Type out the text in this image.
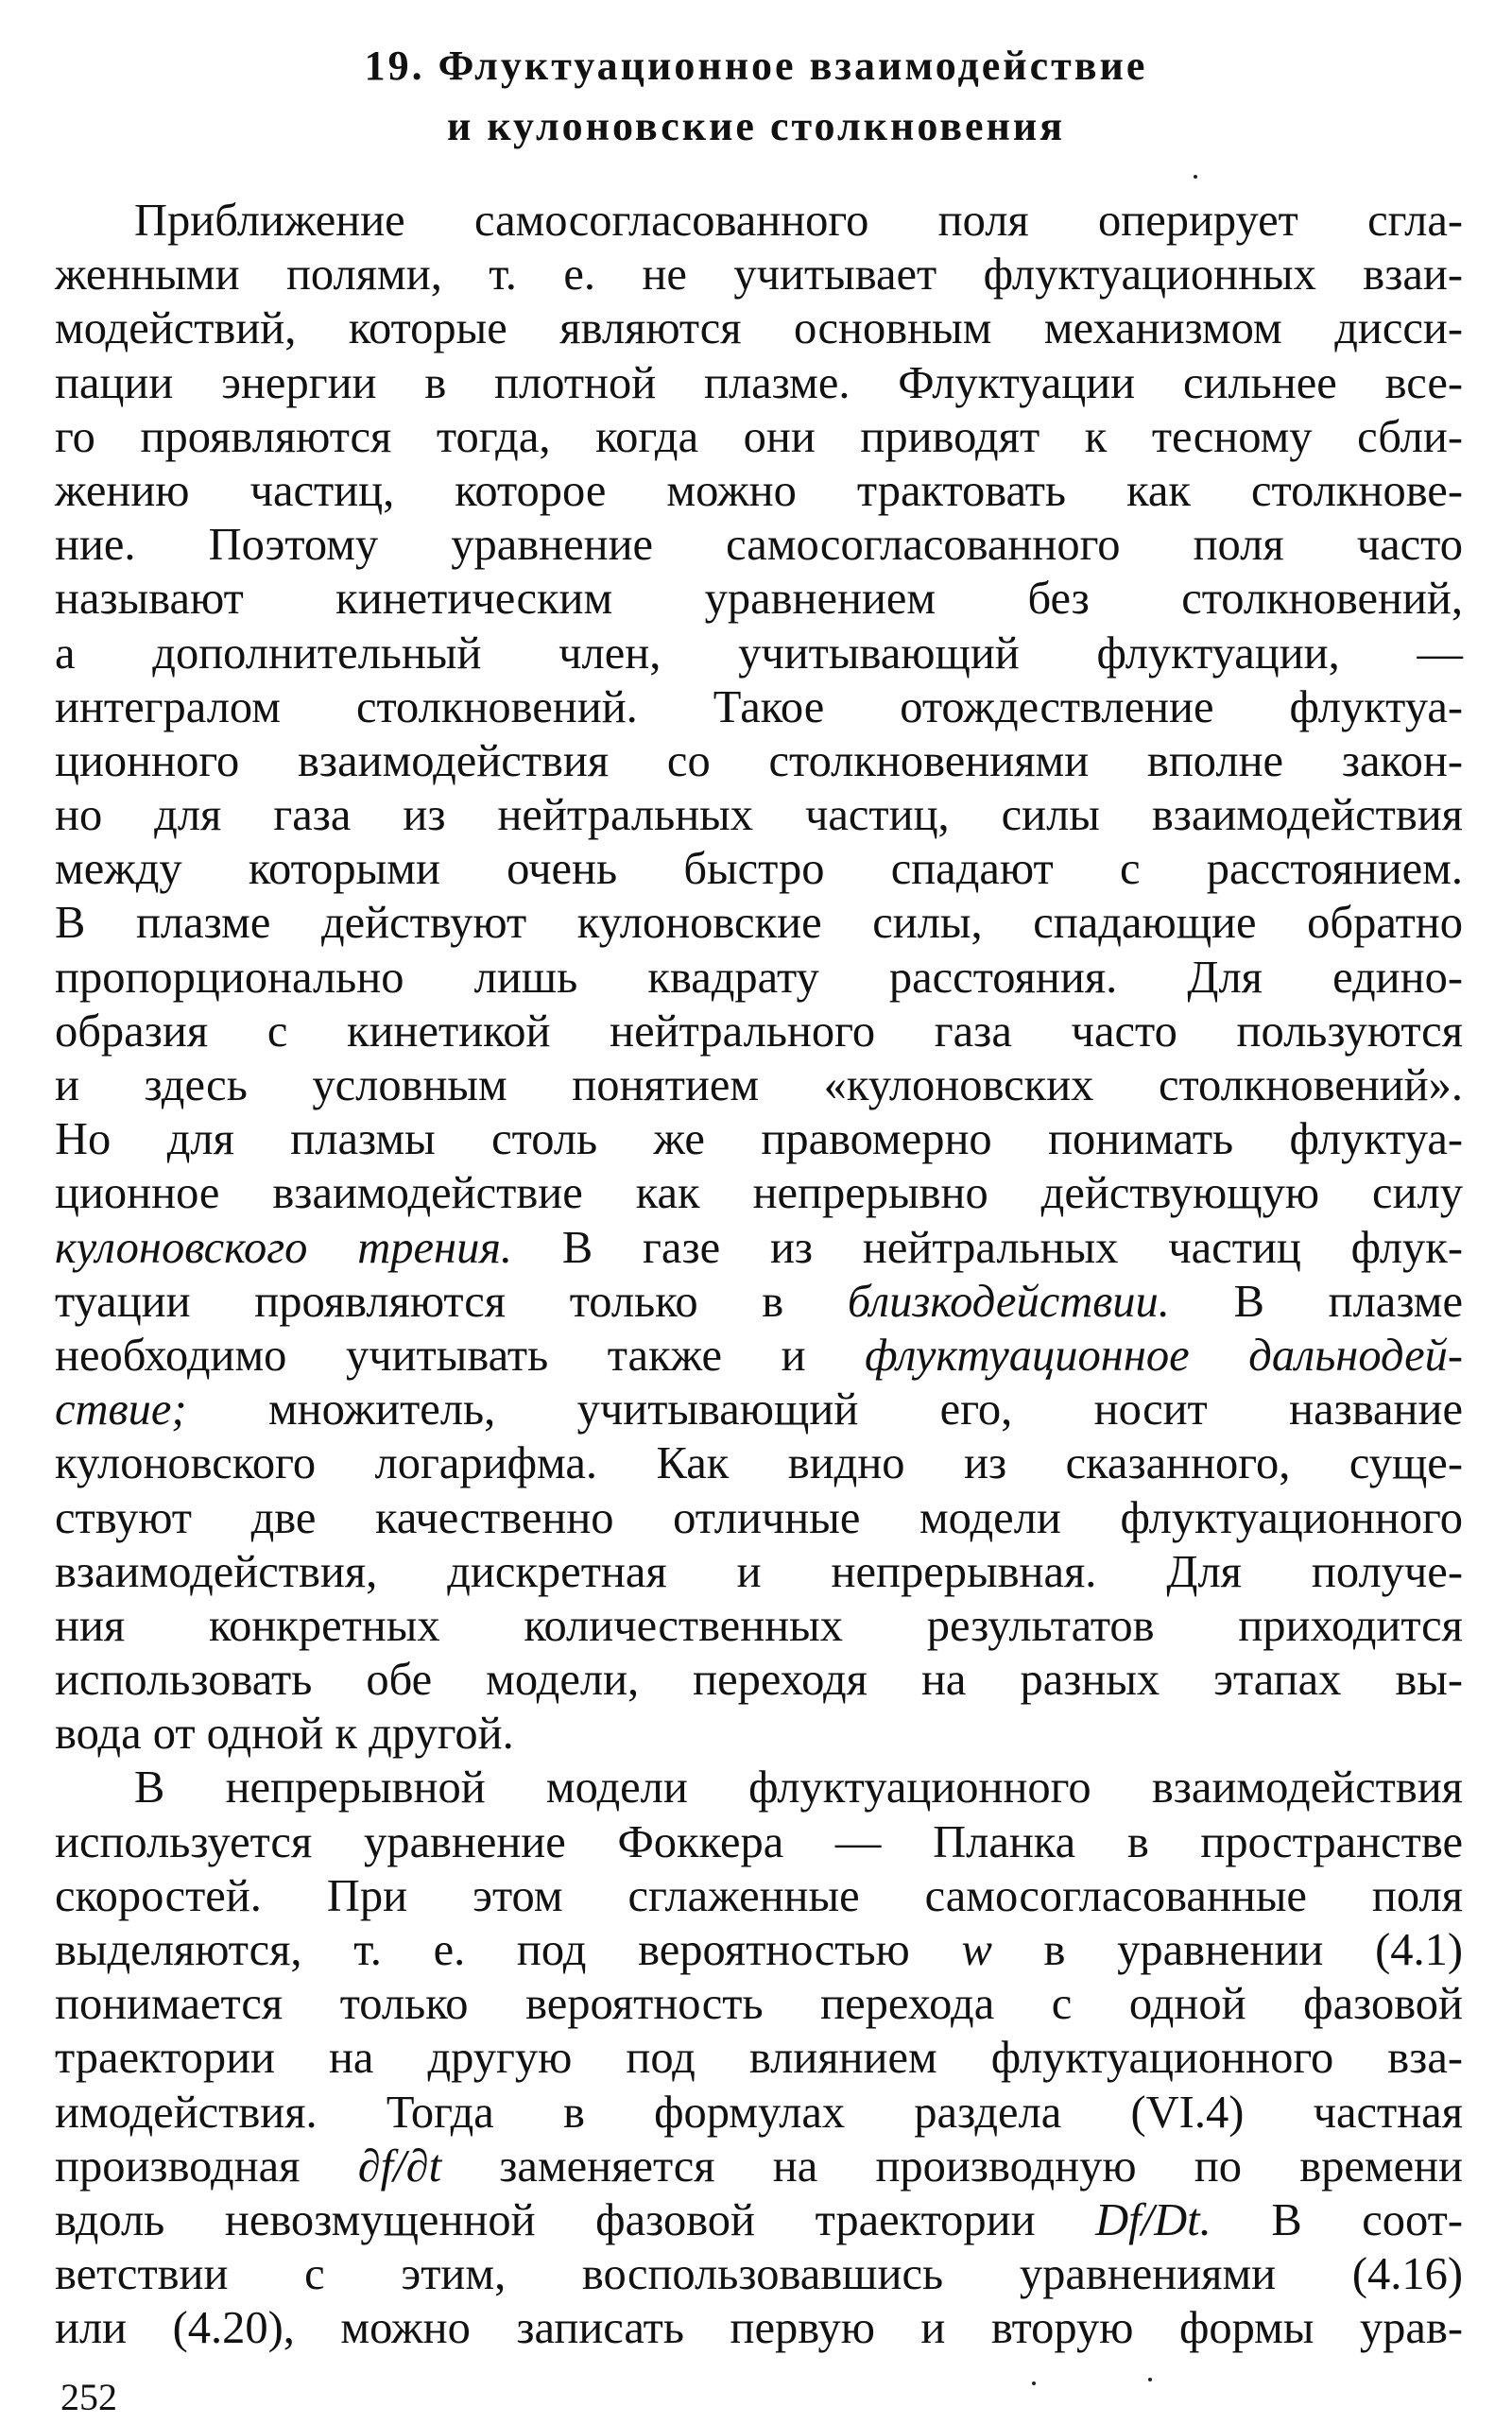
19. Флуктуационное взаимодействие
и кулоновские столкновения
Приближение самосогласованного поля оперирует сгла-
женными полями, т. е. не учитывает флуктуационных взаи-
модействий, которые являются основным механизмом дисси-
пации энергии в плотной плазме. Флуктуации сильнее все-
го проявляются тогда, когда они приводят к тесному сбли-
жению частиц, которое можно трактовать как столкнове-
ние. Поэтому уравнение самосогласованного поля часто
называют кинетическим уравнением без столкновений,
а дополнительный член, учитывающий флуктуации, —
интегралом столкновений. Такое отождествление флуктуа-
ционного взаимодействия со столкновениями вполне закон-
но для газа из нейтральных частиц, силы взаимодействия
между которыми очень быстро спадают с расстоянием.
В плазме действуют кулоновские силы, спадающие обратно
пропорционально лишь квадрату расстояния. Для едино-
образия с кинетикой нейтрального газа часто пользуются
и здесь условным понятием «кулоновских столкновений».
Но для плазмы столь же правомерно понимать флуктуа-
ционное взаимодействие как непрерывно действующую силу
кулоновского трения. В газе из нейтральных частиц флук-
туации проявляются только в близкодействии. В плазме
необходимо учитывать также и флуктуационное дальнодей-
ствие; множитель, учитывающий его, носит название
кулоновского логарифма. Как видно из сказанного, суще-
ствуют две качественно отличные модели флуктуационного
взаимодействия, дискретная и непрерывная. Для получе-
ния конкретных количественных результатов приходится
использовать обе модели, переходя на разных этапах вы-
вода от одной к другой.
В непрерывной модели флуктуационного взаимодействия
используется уравнение Фоккера — Планка в пространстве
скоростей. При этом сглаженные самосогласованные поля
выделяются, т. е. под вероятностью w в уравнении (4.1)
понимается только вероятность перехода с одной фазовой
траектории на другую под влиянием флуктуационного вза-
имодействия. Тогда в формулах раздела (VI.4) частная
производная ∂f/∂t заменяется на производную по времени
вдоль невозмущенной фазовой траектории Df/Dt. В соот-
ветствии с этим, воспользовавшись уравнениями (4.16)
или (4.20), можно записать первую и вторую формы урав-
252
